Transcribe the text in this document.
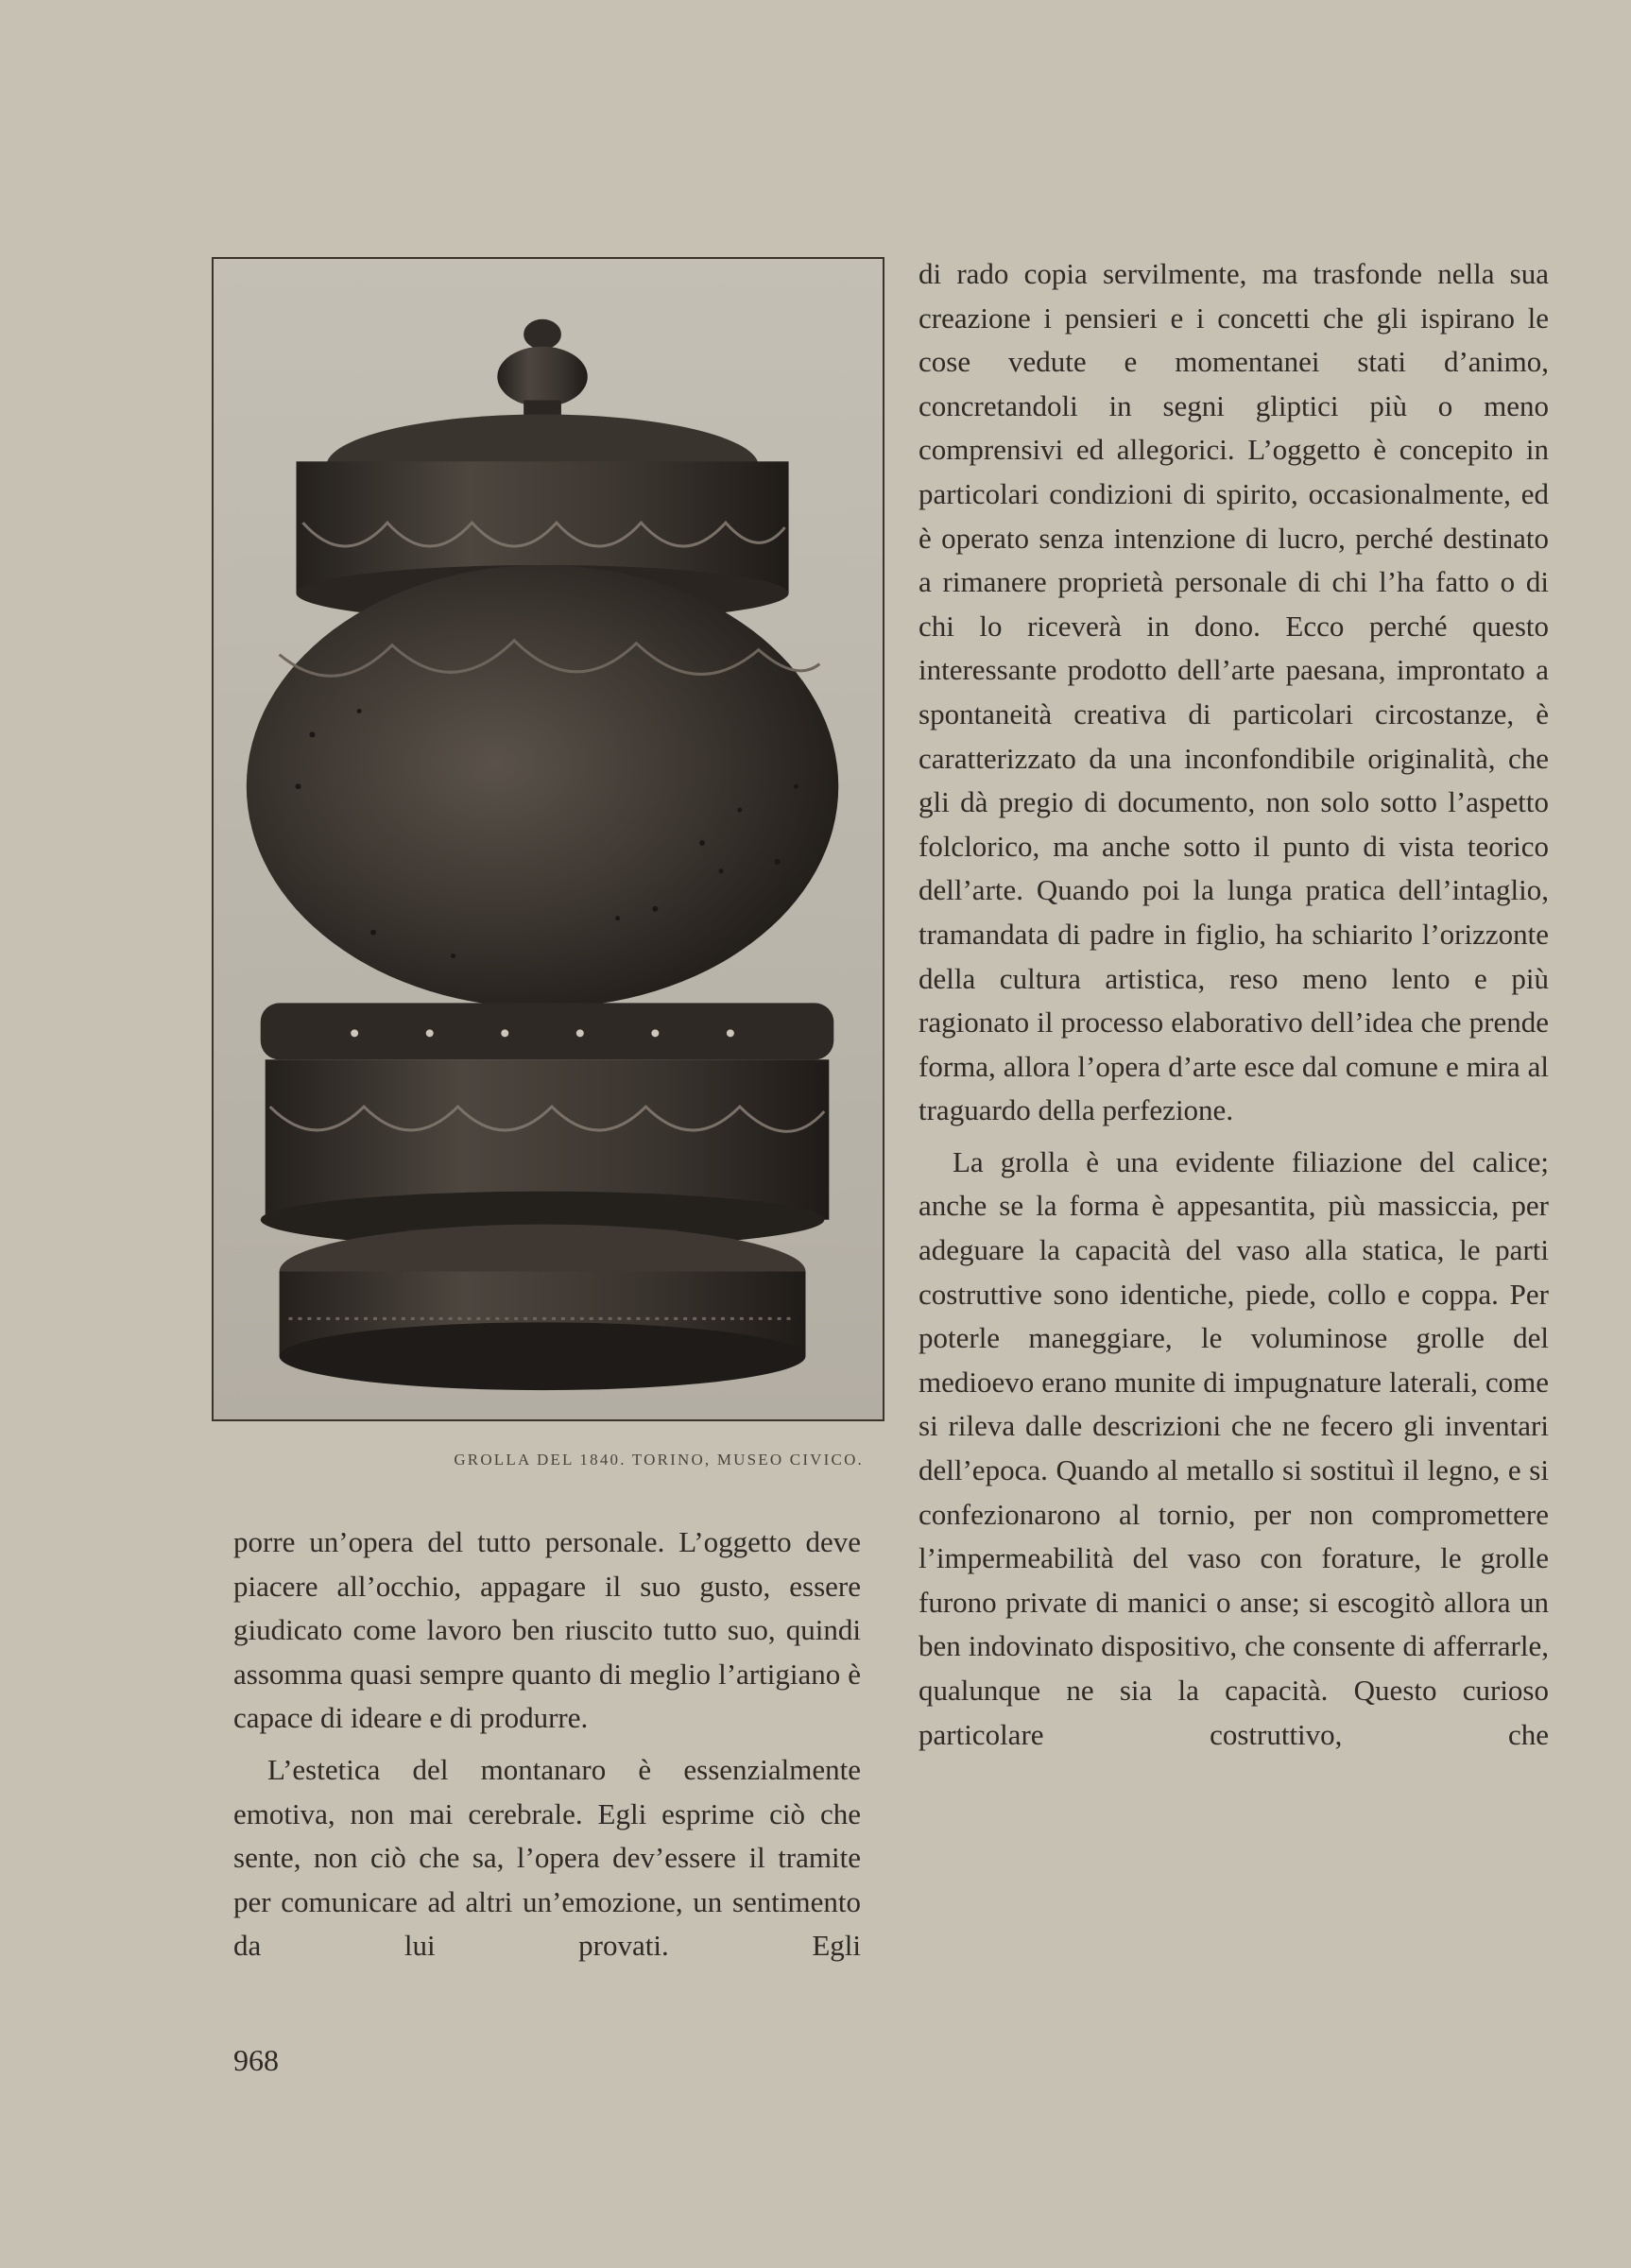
GROLLA DEL 1840. TORINO, MUSEO CIVICO.

porre un’opera del tutto personale. L’oggetto deve piacere all’occhio, appagare il suo gusto, essere giudicato come lavoro ben riuscito tutto suo, quindi assomma quasi sempre quanto di meglio l’artigiano è capace di ideare e di produrre.

L’estetica del montanaro è essenzialmente emotiva, non mai cerebrale. Egli esprime ciò che sente, non ciò che sa, l’opera dev’essere il tramite per comunicare ad altri un’emozione, un sentimento da lui provati. Egli

di rado copia servilmente, ma trasfonde nella sua creazione i pensieri e i concetti che gli ispirano le cose vedute e momentanei stati d’animo, concretandoli in segni gliptici più o meno comprensivi ed allegorici. L’oggetto è concepito in particolari condizioni di spirito, occasionalmente, ed è operato senza intenzione di lucro, perché destinato a rimanere proprietà personale di chi l’ha fatto o di chi lo riceverà in dono. Ecco perché questo interessante prodotto dell’arte paesana, improntato a spontaneità creativa di particolari circostanze, è caratterizzato da una inconfondibile originalità, che gli dà pregio di documento, non solo sotto l’aspetto folclorico, ma anche sotto il punto di vista teorico dell’arte. Quando poi la lunga pratica dell’intaglio, tramandata di padre in figlio, ha schiarito l’orizzonte della cultura artistica, reso meno lento e più ragionato il processo elaborativo dell’idea che prende forma, allora l’opera d’arte esce dal comune e mira al traguardo della perfezione.

La grolla è una evidente filiazione del calice; anche se la forma è appesantita, più massiccia, per adeguare la capacità del vaso alla statica, le parti costruttive sono identiche, piede, collo e coppa. Per poterle maneggiare, le voluminose grolle del medioevo erano munite di impugnature laterali, come si rileva dalle descrizioni che ne fecero gli inventari dell’epoca. Quando al metallo si sostituì il legno, e si confezionarono al tornio, per non compromettere l’impermeabilità del vaso con forature, le grolle furono private di manici o anse; si escogitò allora un ben indovinato dispositivo, che consente di afferrarle, qualunque ne sia la capacità. Questo curioso particolare costruttivo, che

968
